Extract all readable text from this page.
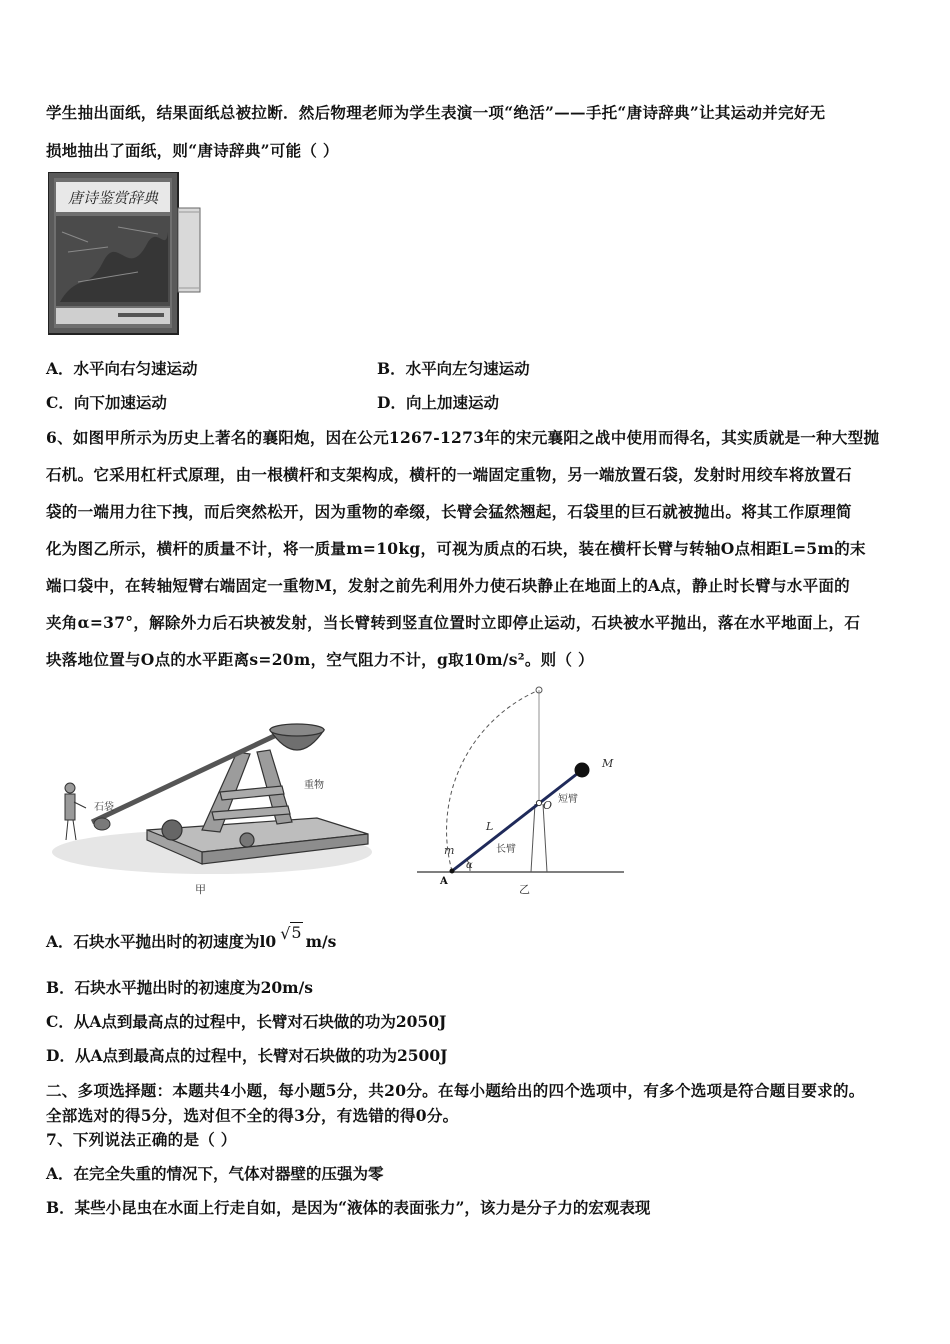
学生抽出面纸，结果面纸总被拉断．然后物理老师为学生表演一项“绝活”——手托“唐诗辞典”让其运动并完好无
损地抽出了面纸，则“唐诗辞典”可能（ ）
唐诗鉴赏辞典
A．水平向右匀速运动	B．水平向左匀速运动
C．向下加速运动	D．向上加速运动
6、如图甲所示为历史上著名的襄阳炮，因在公元1267-1273年的宋元襄阳之战中使用而得名，其实质就是一种大型抛
石机。它采用杠杆式原理，由一根横杆和支架构成，横杆的一端固定重物，另一端放置石袋，发射时用绞车将放置石
袋的一端用力往下拽，而后突然松开，因为重物的牵缀，长臂会猛然翘起，石袋里的巨石就被抛出。将其工作原理简
化为图乙所示，横杆的质量不计，将一质量m=10kg，可视为质点的石块，装在横杆长臂与转轴O点相距L=5m的末
端口袋中，在转轴短臂右端固定一重物M，发射之前先利用外力使石块静止在地面上的A点，静止时长臂与水平面的
夹角α=37°，解除外力后石块被发射，当长臂转到竖直位置时立即停止运动，石块被水平抛出，落在水平地面上，石
块落地位置与O点的水平距离s=20m，空气阻力不计，g取10m/s²。则（ ）
石袋
重物
甲
M
O 短臂
L
长臂
m
α
A
乙
A．石块水平抛出时的初速度为l0 √5 m/s
B．石块水平抛出时的初速度为20m/s
C．从A点到最高点的过程中，长臂对石块做的功为2050J
D．从A点到最高点的过程中，长臂对石块做的功为2500J
二、多项选择题：本题共4小题，每小题5分，共20分。在每小题给出的四个选项中，有多个选项是符合题目要求的。
全部选对的得5分，选对但不全的得3分，有选错的得0分。
7、下列说法正确的是（ ）
A．在完全失重的情况下，气体对器壁的压强为零
B．某些小昆虫在水面上行走自如，是因为“液体的表面张力”，该力是分子力的宏观表现
